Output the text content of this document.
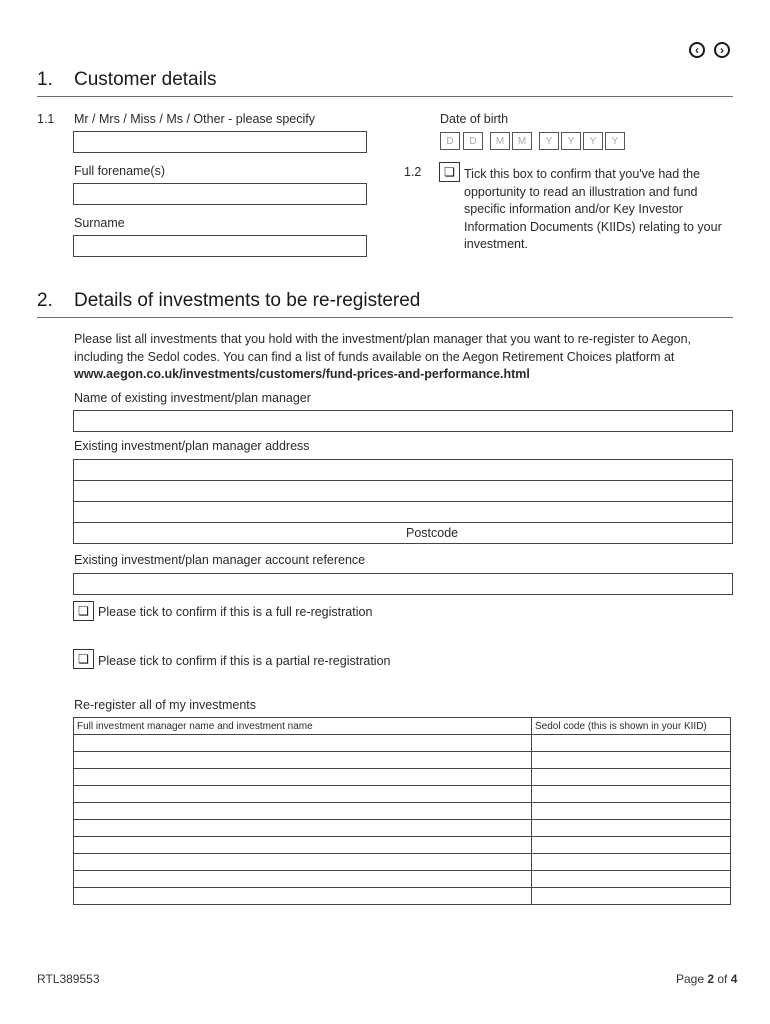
‹ ›
1. Customer details
1.1 Mr / Mrs / Miss / Ms / Other - please specify
Full forename(s)
Surname
Date of birth
D	D	M	M	Y	Y	Y	Y
1.2 ❏ Tick this box to confirm that you've had the opportunity to read an illustration and fund specific information and/or Key Investor Information Documents (KIIDs) relating to your investment.
2. Details of investments to be re-registered
Please list all investments that you hold with the investment/plan manager that you want to re-register to Aegon, including the Sedol codes. You can find a list of funds available on the Aegon Retirement Choices platform at
www.aegon.co.uk/investments/customers/fund-prices-and-performance.html
Name of existing investment/plan manager
Existing investment/plan manager address
Postcode
Existing investment/plan manager account reference
❏ Please tick to confirm if this is a full re-registration
❏ Please tick to confirm if this is a partial re-registration
Re-register all of my investments
Full investment manager name and investment name	Sedol code (this is shown in your KIID)

RTL389553	Page 2 of 4
